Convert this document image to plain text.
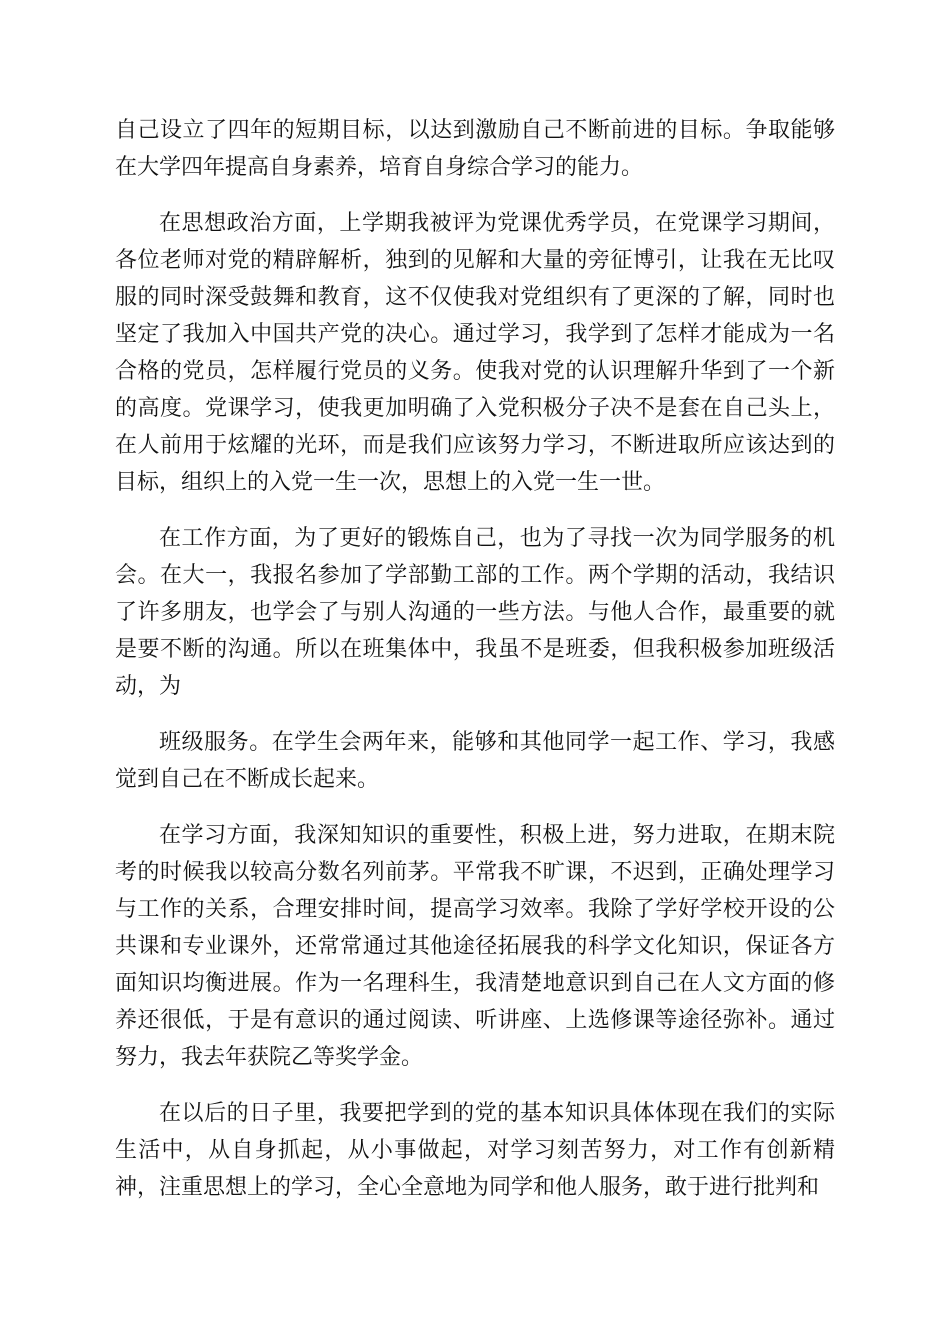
自己设立了四年的短期目标，以达到激励自己不断前进的目标。争取能够在大学四年提高自身素养，培育自身综合学习的能力。

在思想政治方面，上学期我被评为党课优秀学员，在党课学习期间，各位老师对党的精辟解析，独到的见解和大量的旁征博引，让我在无比叹服的同时深受鼓舞和教育，这不仅使我对党组织有了更深的了解，同时也坚定了我加入中国共产党的决心。通过学习，我学到了怎样才能成为一名合格的党员，怎样履行党员的义务。使我对党的认识理解升华到了一个新的高度。党课学习，使我更加明确了入党积极分子决不是套在自己头上，在人前用于炫耀的光环，而是我们应该努力学习，不断进取所应该达到的目标，组织上的入党一生一次，思想上的入党一生一世。

在工作方面，为了更好的锻炼自己，也为了寻找一次为同学服务的机会。在大一，我报名参加了学部勤工部的工作。两个学期的活动，我结识了许多朋友，也学会了与别人沟通的一些方法。与他人合作，最重要的就是要不断的沟通。所以在班集体中，我虽不是班委，但我积极参加班级活动，为

班级服务。在学生会两年来，能够和其他同学一起工作、学习，我感觉到自己在不断成长起来。

在学习方面，我深知知识的重要性，积极上进，努力进取，在期末院考的时候我以较高分数名列前茅。平常我不旷课，不迟到，正确处理学习与工作的关系，合理安排时间，提高学习效率。我除了学好学校开设的公共课和专业课外，还常常通过其他途径拓展我的科学文化知识，保证各方面知识均衡进展。作为一名理科生，我清楚地意识到自己在人文方面的修养还很低，于是有意识的通过阅读、听讲座、上选修课等途径弥补。通过努力，我去年获院乙等奖学金。

在以后的日子里，我要把学到的党的基本知识具体体现在我们的实际生活中，从自身抓起，从小事做起，对学习刻苦努力，对工作有创新精神，注重思想上的学习，全心全意地为同学和他人服务，敢于进行批判和
